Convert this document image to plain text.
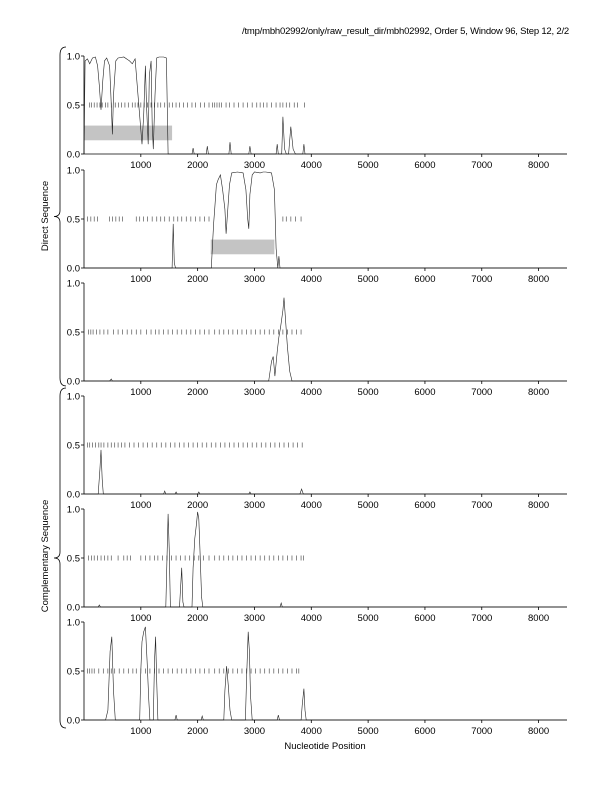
/tmp/mbh02992/only/raw_result_dir/mbh02992, Order 5, Window 96, Step 12, 2/2
Direct Sequence
Complementary Sequence
Nucleotide Position
0.0
0.5
1.0
1000	2000	3000	4000	5000	6000	7000	8000
0.0
0.5
1.0
1000	2000	3000	4000	5000	6000	7000	8000
0.0
0.5
1.0
1000	2000	3000	4000	5000	6000	7000	8000
0.0
0.5
1.0
1000	2000	3000	4000	5000	6000	7000	8000
0.0
0.5
1.0
1000	2000	3000	4000	5000	6000	7000	8000
0.0
0.5
1.0
1000	2000	3000	4000	5000	6000	7000	8000
